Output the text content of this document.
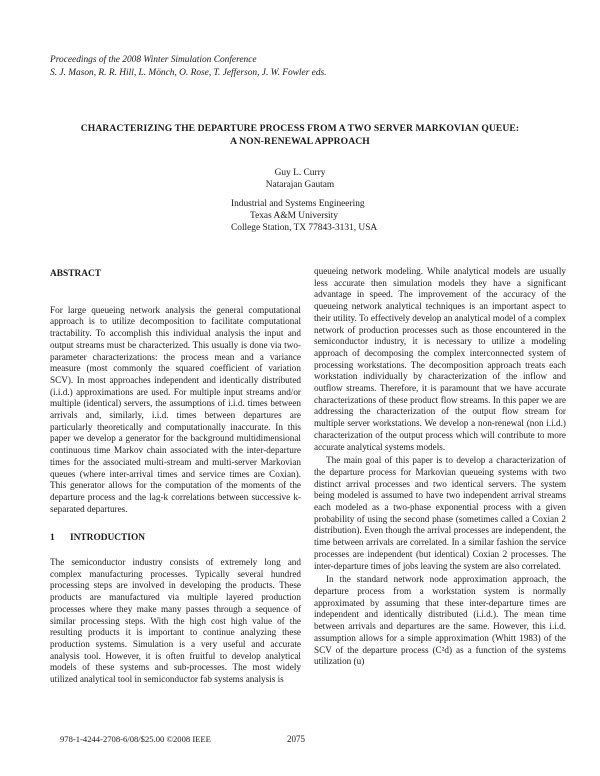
Proceedings of the 2008 Winter Simulation Conference
S. J. Mason, R. R. Hill, L. Mönch, O. Rose, T. Jefferson, J. W. Fowler eds.
CHARACTERIZING THE DEPARTURE PROCESS FROM A TWO SERVER MARKOVIAN QUEUE:
A NON-RENEWAL APPROACH
Guy L. Curry
Natarajan Gautam
Industrial and Systems Engineering
Texas A&M University
College Station, TX 77843-3131, USA
ABSTRACT

For large queueing network analysis the general computational approach is to utilize decomposition to facilitate computational tractability. To accomplish this individual analysis the input and output streams must be characterized. This usually is done via two-parameter characterizations: the process mean and a variance measure (most commonly the squared coefficient of variation SCV). In most approaches independent and identically distributed (i.i.d.) approximations are used. For multiple input streams and/or multiple (identical) servers, the assumptions of i.i.d. times between arrivals and, similarly, i.i.d. times between departures are particularly theoretically and computationally inaccurate. In this paper we develop a generator for the background multidimensional continuous time Markov chain associated with the inter-departure times for the associated multi-stream and multi-server Markovian queues (where inter-arrival times and service times are Coxian). This generator allows for the computation of the moments of the departure process and the lag-k correlations between successive k-separated departures.

1 INTRODUCTION

The semiconductor industry consists of extremely long and complex manufacturing processes. Typically several hundred processing steps are involved in developing the products. These products are manufactured via multiple layered production processes where they make many passes through a sequence of similar processing steps. With the high cost high value of the resulting products it is important to continue analyzing these production systems. Simulation is a very useful and accurate analysis tool. However, it is often fruitful to develop analytical models of these systems and sub-processes. The most widely utilized analytical tool in semiconductor fab systems analysis is

queueing network modeling. While analytical models are usually less accurate then simulation models they have a significant advantage in speed. The improvement of the accuracy of the queueing network analytical techniques is an important aspect to their utility. To effectively develop an analytical model of a complex network of production processes such as those encountered in the semiconductor industry, it is necessary to utilize a modeling approach of decomposing the complex interconnected system of processing workstations. The decomposition approach treats each workstation individually by characterization of the inflow and outflow streams. Therefore, it is paramount that we have accurate characterizations of these product flow streams. In this paper we are addressing the characterization of the output flow stream for multiple server workstations. We develop a non-renewal (non i.i.d.) characterization of the output process which will contribute to more accurate analytical systems models.

The main goal of this paper is to develop a characterization of the departure process for Markovian queueing systems with two distinct arrival processes and two identical servers. The system being modeled is assumed to have two independent arrival streams each modeled as a two-phase exponential process with a given probability of using the second phase (sometimes called a Coxian 2 distribution). Even though the arrival processes are independent, the time between arrivals are correlated. In a similar fashion the service processes are independent (but identical) Coxian 2 processes. The inter-departure times of jobs leaving the system are also correlated.

In the standard network node approximation approach, the departure process from a workstation system is normally approximated by assuming that these inter-departure times are independent and identically distributed (i.i.d.). The mean time between arrivals and departures are the same. However, this i.i.d. assumption allows for a simple approximation (Whitt 1983) of the SCV of the departure process (C²d) as a function of the systems utilization (u)

978-1-4244-2708-6/08/$25.00 ©2008 IEEE	2075
